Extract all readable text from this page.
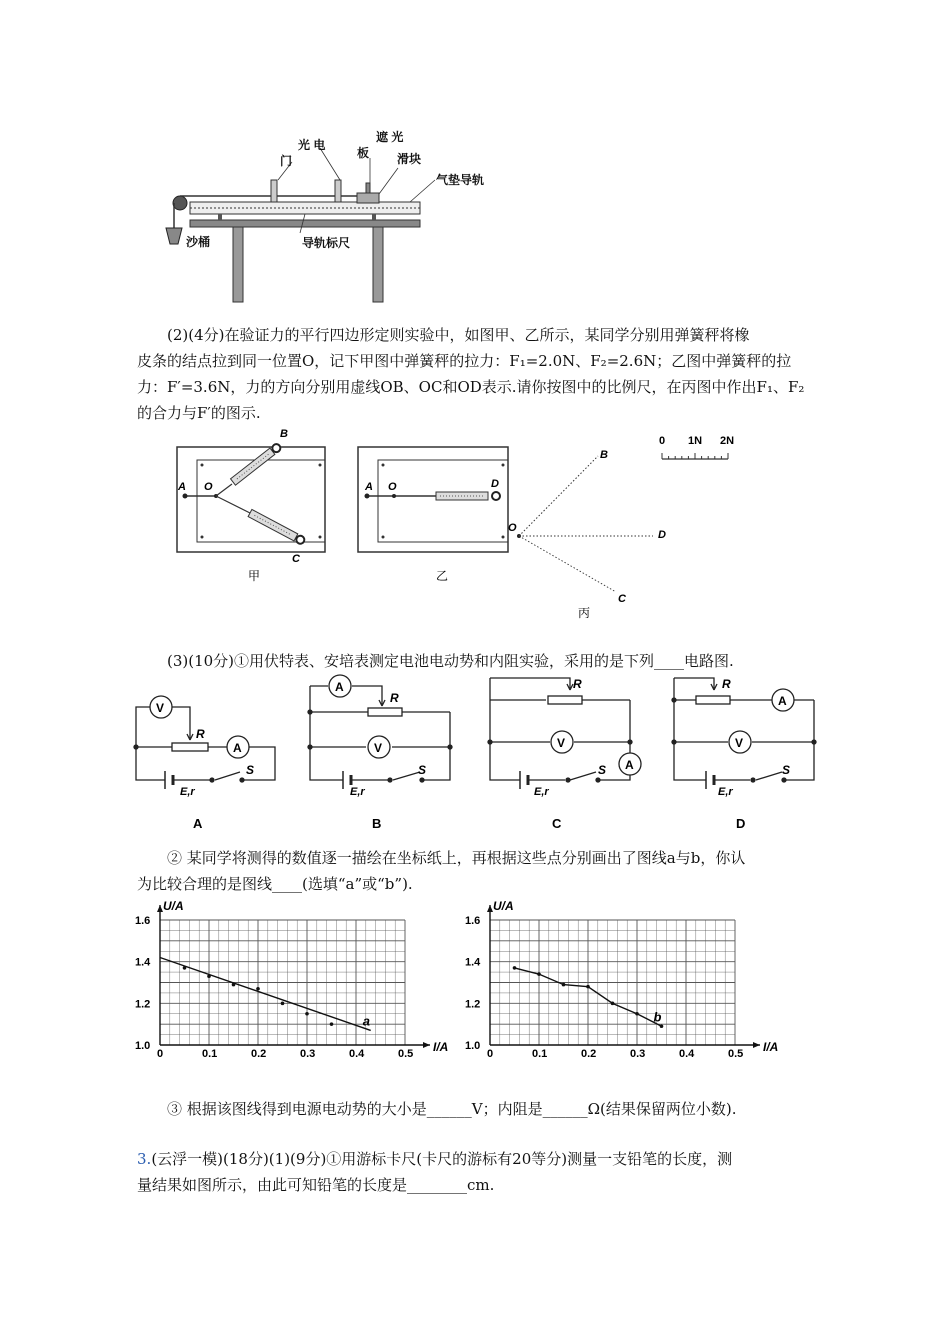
光 电
门
遮 光
板 滑块
气垫导轨
沙桶	导轨标尺
(2)(4分)在验证力的平行四边形定则实验中，如图甲、乙所示，某同学分别用弹簧秤将橡
皮条的结点拉到同一位置O，记下甲图中弹簧秤的拉力：F₁=2.0N、F₂=2.6N；乙图中弹簧秤的拉
力：F′=3.6N，力的方向分别用虚线OB、OC和OD表示.请你按图中的比例尺，在丙图中作出F₁、F₂
的合力与F′的图示.
A O
B
C
甲
A O	D
乙
O
B
D
C
丙
0 1N 2N
(3)(10分)①用伏特表、安培表测定电池电动势和内阻实验，采用的是下列____电路图.
V
A
R
S
E,r
A
V
R
S
E,r
V
A
R
S
E,r
A
V
R
S
E,r
A	B	C	D
② 某同学将测得的数值逐一描绘在坐标纸上，再根据这些点分别画出了图线a与b，你认
为比较合理的是图线____(选填“a”或“b”).
0	0.1	0.2	0.3	0.4	0.5
1.0
1.2
1.4
1.6
I/A
U/A
a
0	0.1	0.2	0.3	0.4	0.5
1.0
1.2
1.4
1.6
I/A
U/A
b
③ 根据该图线得到电源电动势的大小是______V；内阻是______Ω(结果保留两位小数).
3.(云浮一模)(18分)(1)(9分)①用游标卡尺(卡尺的游标有20等分)测量一支铅笔的长度，测
量结果如图所示，由此可知铅笔的长度是________cm.
